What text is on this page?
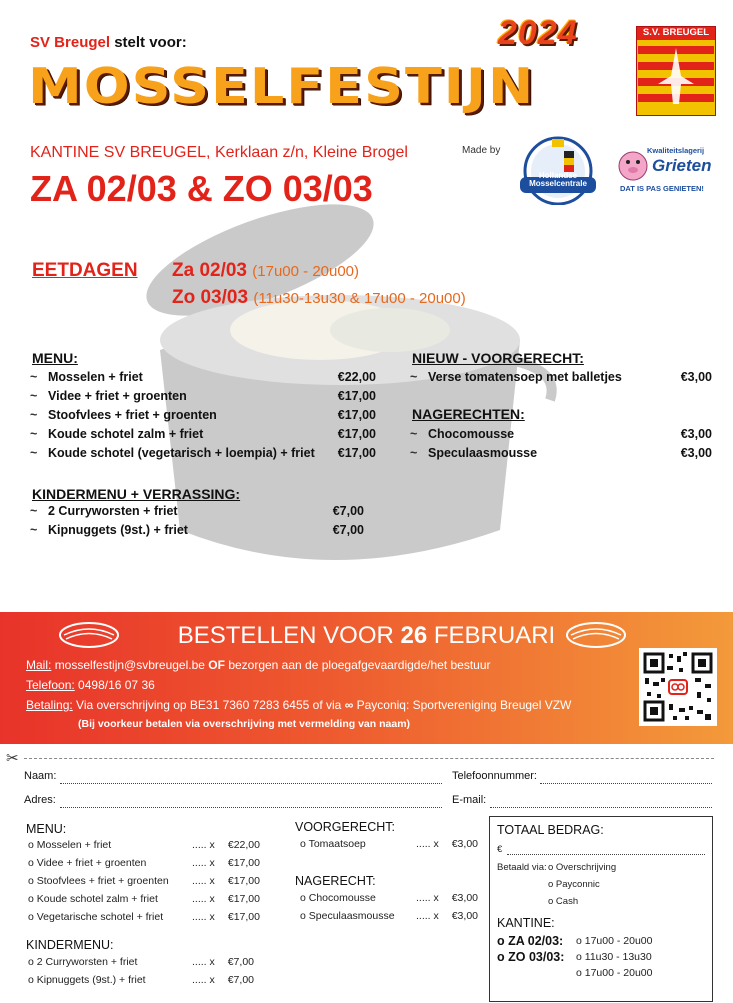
SV Breugel stelt voor:	2024
MOSSELFESTIJN
S.V. BREUGEL
KANTINE SV BREUGEL, Kerklaan z/n, Kleine Brogel
ZA 02/03 & ZO 03/03
Made by
Hollandse Mosselcentrale
Kwaliteitslagerij
Grieten
DAT IS PAS GENIETEN!
EETDAGEN Za 02/03 (17u00 - 20u00)
Zo 03/03 (11u30-13u30 & 17u00 - 20u00)
MENU:
~ Mosselen + friet	€22,00
~ Videe + friet + groenten	€17,00
~ Stoofvlees + friet + groenten	€17,00
~ Koude schotel zalm + friet	€17,00
~ Koude schotel (vegetarisch + loempia) + friet	€17,00
KINDERMENU + VERRASSING:
~ 2 Curryworsten + friet	€7,00
~ Kipnuggets (9st.) + friet	€7,00
NIEUW - VOORGERECHT:
~ Verse tomatensoep met balletjes	€3,00
NAGERECHTEN:
~ Chocomousse	€3,00
~ Speculaasmousse	€3,00
BESTELLEN VOOR 26 FEBRUARI
Mail: mosselfestijn@svbreugel.be OF bezorgen aan de ploegafgevaardigde/het bestuur
Telefoon: 0498/16 07 36
Betaling: Via overschrijving op BE31 7360 7283 6455 of via ∞ Payconiq: Sportvereniging Breugel VZW
(Bij voorkeur betalen via overschrijving met vermelding van naam)
✂
Naam:	Telefoonnummer:
Adres:	E-mail:
MENU:
o Mosselen + friet	..... x	€22,00
o Videe + friet + groenten	..... x	€17,00
o Stoofvlees + friet + groenten	..... x	€17,00
o Koude schotel zalm + friet	..... x	€17,00
o Vegetarische schotel + friet	..... x	€17,00
KINDERMENU:
o 2 Curryworsten + friet	..... x	€7,00
o Kipnuggets (9st.) + friet	..... x	€7,00
VOORGERECHT:
o Tomaatsoep	..... x	€3,00
NAGERECHT:
o Chocomousse	..... x	€3,00
o Speculaasmousse	..... x	€3,00
TOTAAL BEDRAG:
€
Betaald via: o Overschrijving
o Payconnic
o Cash
KANTINE:
o ZA 02/03: o 17u00 - 20u00
o ZO 03/03: o 11u30 - 13u30
o 17u00 - 20u00
